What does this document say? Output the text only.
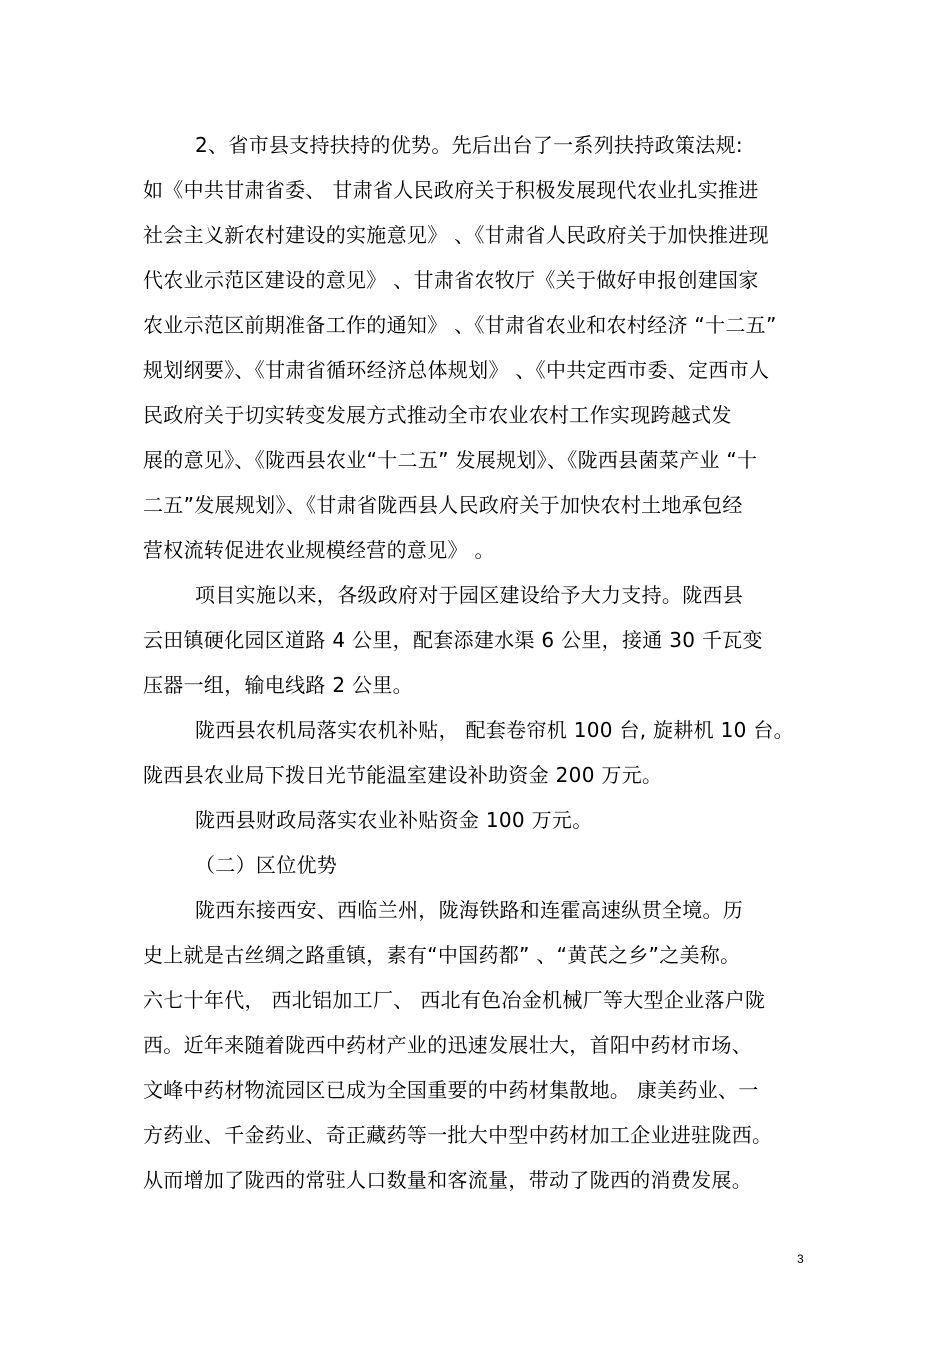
2、省市县支持扶持的优势。先后出台了一系列扶持政策法规:
如《中共甘肃省委、 甘肃省人民政府关于积极发展现代农业扎实推进
社会主义新农村建设的实施意见》 、《甘肃省人民政府关于加快推进现
代农业示范区建设的意见》 、甘肃省农牧厅《关于做好申报创建国家
农业示范区前期准备工作的通知》 、《甘肃省农业和农村经济 “十二五”
规划纲要》、《甘肃省循环经济总体规划》 、《中共定西市委、定西市人
民政府关于切实转变发展方式推动全市农业农村工作实现跨越式发
展的意见》、《陇西县农业“十二五” 发展规划》、《陇西县菌菜产业 “十
二五”发展规划》、《甘肃省陇西县人民政府关于加快农村土地承包经
营权流转促进农业规模经营的意见》 。
项目实施以来，各级政府对于园区建设给予大力支持。陇西县
云田镇硬化园区道路 4 公里，配套添建水渠 6 公里，接通 30 千瓦变
压器一组，输电线路 2 公里。
陇西县农机局落实农机补贴， 配套卷帘机 100 台, 旋耕机 10 台。
陇西县农业局下拨日光节能温室建设补助资金 200 万元。
陇西县财政局落实农业补贴资金 100 万元。
（二）区位优势
陇西东接西安、西临兰州，陇海铁路和连霍高速纵贯全境。历
史上就是古丝绸之路重镇，素有“中国药都” 、“黄芪之乡”之美称。
六七十年代， 西北铝加工厂、 西北有色冶金机械厂等大型企业落户陇
西。近年来随着陇西中药材产业的迅速发展壮大，首阳中药材市场、
文峰中药材物流园区已成为全国重要的中药材集散地。 康美药业、一
方药业、千金药业、奇正藏药等一批大中型中药材加工企业进驻陇西。
从而增加了陇西的常驻人口数量和客流量，带动了陇西的消费发展。
3
